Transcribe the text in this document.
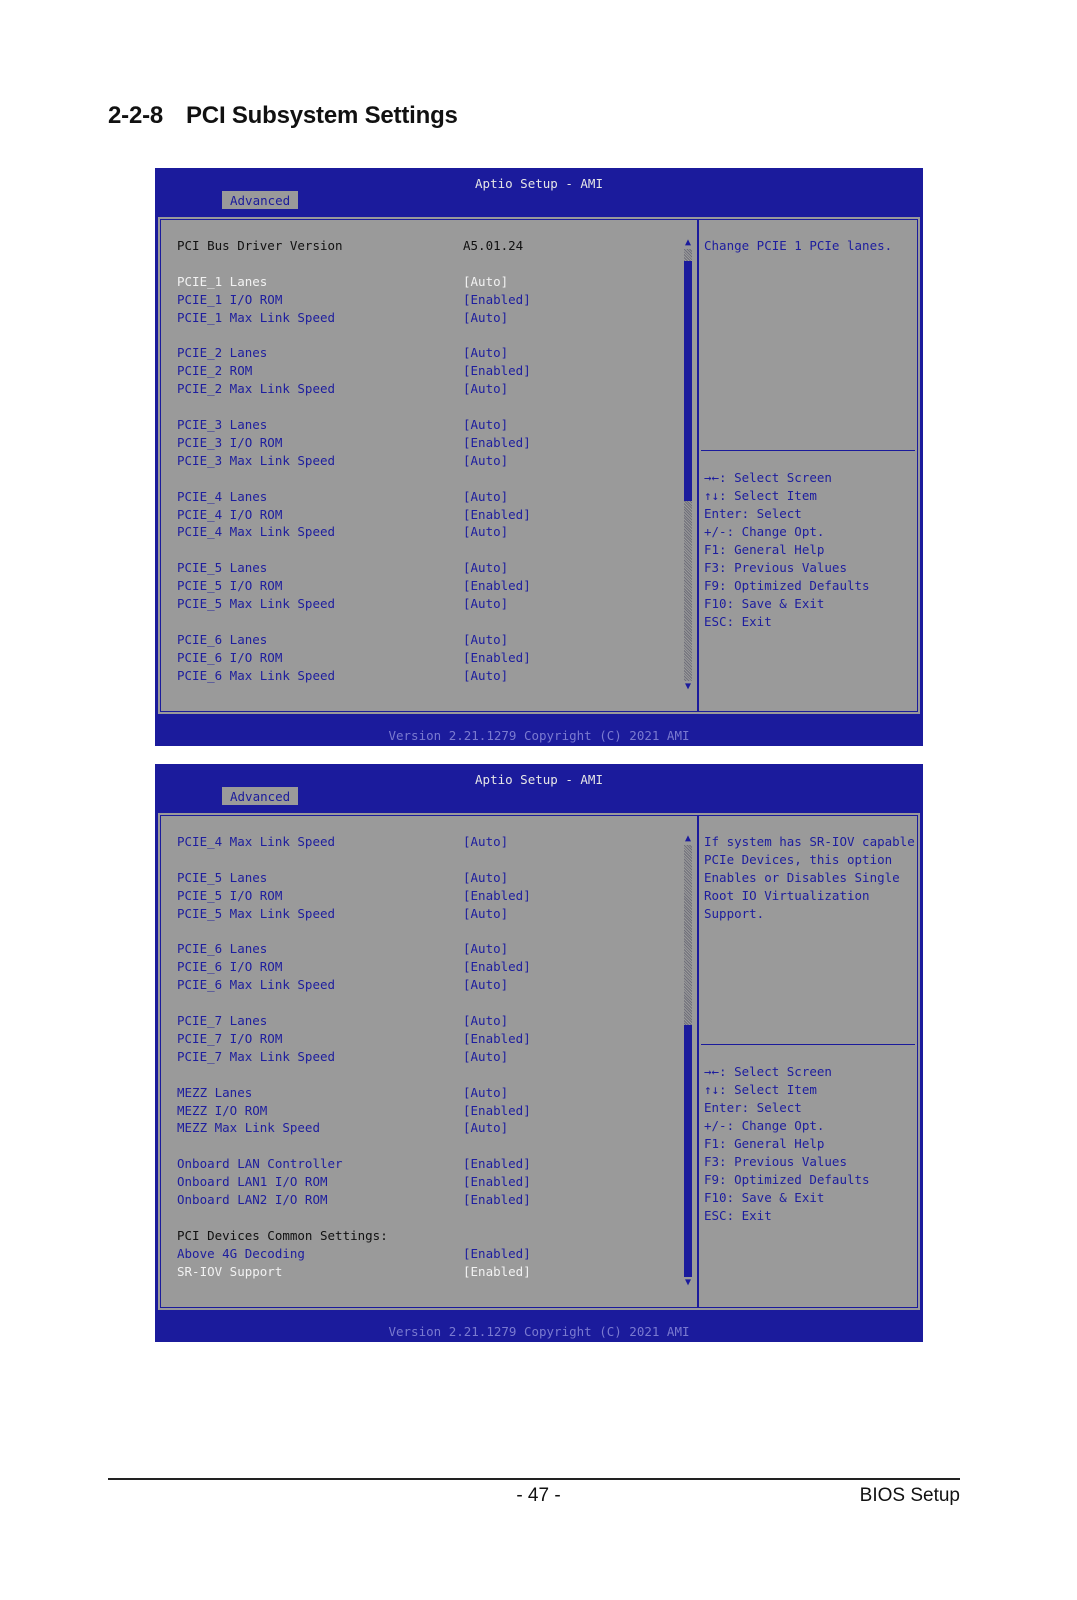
2-2-8 PCI Subsystem Settings
Aptio Setup - AMI
Advanced
PCI Bus Driver Version	A5.01.24
PCIE_1 Lanes	[Auto]
PCIE_1 I/O ROM	[Enabled]
PCIE_1 Max Link Speed	[Auto]
PCIE_2 Lanes	[Auto]
PCIE_2 ROM	[Enabled]
PCIE_2 Max Link Speed	[Auto]
PCIE_3 Lanes	[Auto]
PCIE_3 I/O ROM	[Enabled]
PCIE_3 Max Link Speed	[Auto]
PCIE_4 Lanes	[Auto]
PCIE_4 I/O ROM	[Enabled]
PCIE_4 Max Link Speed	[Auto]
PCIE_5 Lanes	[Auto]
PCIE_5 I/O ROM	[Enabled]
PCIE_5 Max Link Speed	[Auto]
PCIE_6 Lanes	[Auto]
PCIE_6 I/O ROM	[Enabled]
PCIE_6 Max Link Speed	[Auto]
▲
▼
Change PCIE 1 PCIe lanes.
→←: Select Screen
↑↓: Select Item
Enter: Select
+/-: Change Opt.
F1: General Help
F3: Previous Values
F9: Optimized Defaults
F10: Save & Exit
ESC: Exit
Version 2.21.1279 Copyright (C) 2021 AMI
Aptio Setup - AMI
Advanced
PCIE_4 Max Link Speed	[Auto]
PCIE_5 Lanes	[Auto]
PCIE_5 I/O ROM	[Enabled]
PCIE_5 Max Link Speed	[Auto]
PCIE_6 Lanes	[Auto]
PCIE_6 I/O ROM	[Enabled]
PCIE_6 Max Link Speed	[Auto]
PCIE_7 Lanes	[Auto]
PCIE_7 I/O ROM	[Enabled]
PCIE_7 Max Link Speed	[Auto]
MEZZ Lanes	[Auto]
MEZZ I/O ROM	[Enabled]
MEZZ Max Link Speed	[Auto]
Onboard LAN Controller	[Enabled]
Onboard LAN1 I/O ROM	[Enabled]
Onboard LAN2 I/O ROM	[Enabled]
PCI Devices Common Settings:
Above 4G Decoding	[Enabled]
SR-IOV Support	[Enabled]
▲
▼
If system has SR-IOV capable PCIe Devices, this option Enables or Disables Single Root IO Virtualization Support.
→←: Select Screen
↑↓: Select Item
Enter: Select
+/-: Change Opt.
F1: General Help
F3: Previous Values
F9: Optimized Defaults
F10: Save & Exit
ESC: Exit
Version 2.21.1279 Copyright (C) 2021 AMI
- 47 -	BIOS Setup
